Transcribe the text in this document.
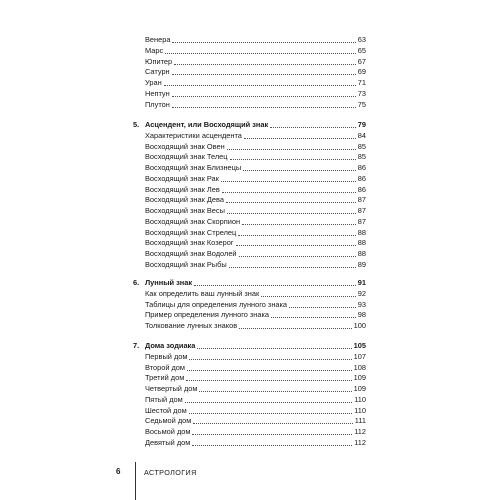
Венера	63
Марс	65
Юпитер	67
Сатурн	69
Уран	71
Нептун	73
Плутон	75
5. Асцендент, или Восходящий знак	79
Характеристики асцендента	84
Восходящий знак Овен	85
Восходящий знак Телец	85
Восходящий знак Близнецы	86
Восходящий знак Рак	86
Восходящий знак Лев	86
Восходящий знак Дева	87
Восходящий знак Весы	87
Восходящий знак Скорпион	87
Восходящий знак Стрелец	88
Восходящий знак Козерог	88
Восходящий знак Водолей	88
Восходящий знак Рыбы	89
6. Лунный знак	91
Как определить ваш лунный знак	92
Таблицы для определения лунного знака	93
Пример определения лунного знака	98
Толкование лунных знаков	100
7. Дома зодиака	105
Первый дом	107
Второй дом	108
Третий дом	109
Четвертый дом	109
Пятый дом	110
Шестой дом	110
Седьмой дом	111
Восьмой дом	112
Девятый дом	112
6	АСТРОЛОГИЯ
